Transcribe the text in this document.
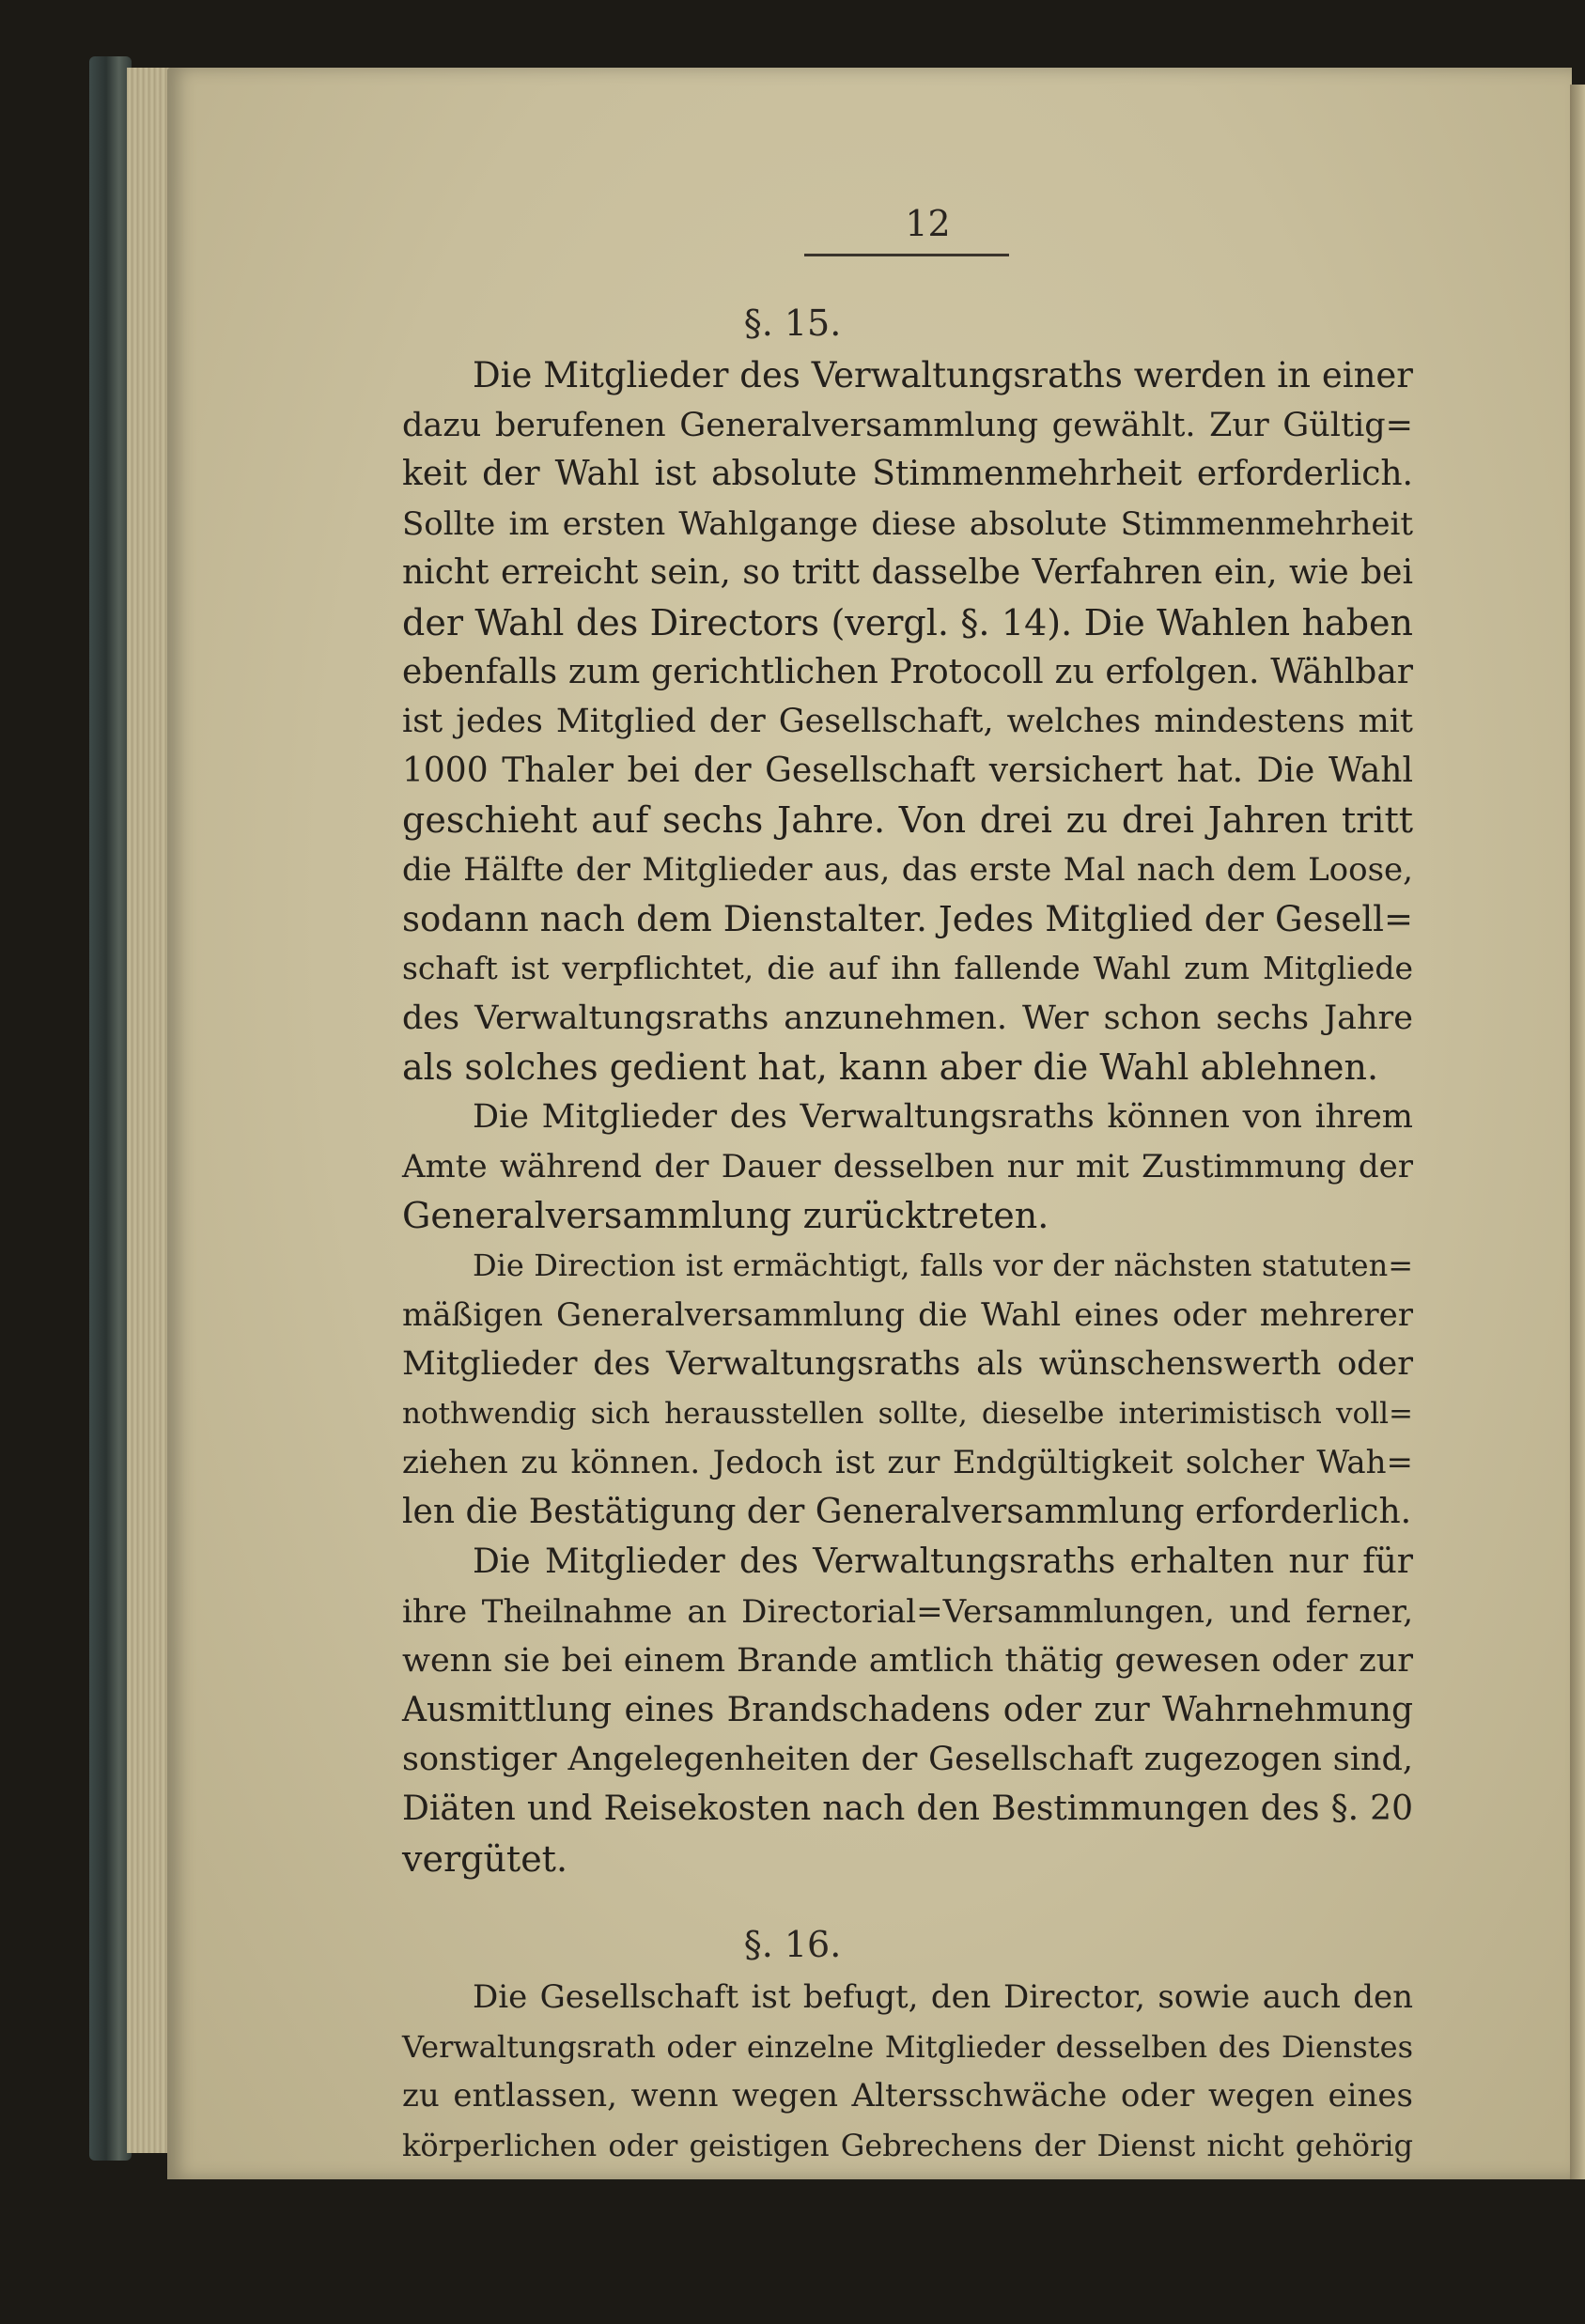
12
§. 15.
Die Mitglieder des Verwaltungsraths werden in einer
dazu berufenen Generalversammlung gewählt. Zur Gültig=
keit der Wahl ist absolute Stimmenmehrheit erforderlich.
Sollte im ersten Wahlgange diese absolute Stimmenmehrheit
nicht erreicht sein, so tritt dasselbe Verfahren ein, wie bei
der Wahl des Directors (vergl. §. 14). Die Wahlen haben
ebenfalls zum gerichtlichen Protocoll zu erfolgen. Wählbar
ist jedes Mitglied der Gesellschaft, welches mindestens mit
1000 Thaler bei der Gesellschaft versichert hat. Die Wahl
geschieht auf sechs Jahre. Von drei zu drei Jahren tritt
die Hälfte der Mitglieder aus, das erste Mal nach dem Loose,
sodann nach dem Dienstalter. Jedes Mitglied der Gesell=
schaft ist verpflichtet, die auf ihn fallende Wahl zum Mitgliede
des Verwaltungsraths anzunehmen. Wer schon sechs Jahre
als solches gedient hat, kann aber die Wahl ablehnen.
Die Mitglieder des Verwaltungsraths können von ihrem
Amte während der Dauer desselben nur mit Zustimmung der
Generalversammlung zurücktreten.
Die Direction ist ermächtigt, falls vor der nächsten statuten=
mäßigen Generalversammlung die Wahl eines oder mehrerer
Mitglieder des Verwaltungsraths als wünschenswerth oder
nothwendig sich herausstellen sollte, dieselbe interimistisch voll=
ziehen zu können. Jedoch ist zur Endgültigkeit solcher Wah=
len die Bestätigung der Generalversammlung erforderlich.
Die Mitglieder des Verwaltungsraths erhalten nur für
ihre Theilnahme an Directorial=Versammlungen, und ferner,
wenn sie bei einem Brande amtlich thätig gewesen oder zur
Ausmittlung eines Brandschadens oder zur Wahrnehmung
sonstiger Angelegenheiten der Gesellschaft zugezogen sind,
Diäten und Reisekosten nach den Bestimmungen des §. 20
vergütet.
§. 16.
Die Gesellschaft ist befugt, den Director, sowie auch den
Verwaltungsrath oder einzelne Mitglieder desselben des Dienstes
zu entlassen, wenn wegen Altersschwäche oder wegen eines
körperlichen oder geistigen Gebrechens der Dienst nicht gehörig
